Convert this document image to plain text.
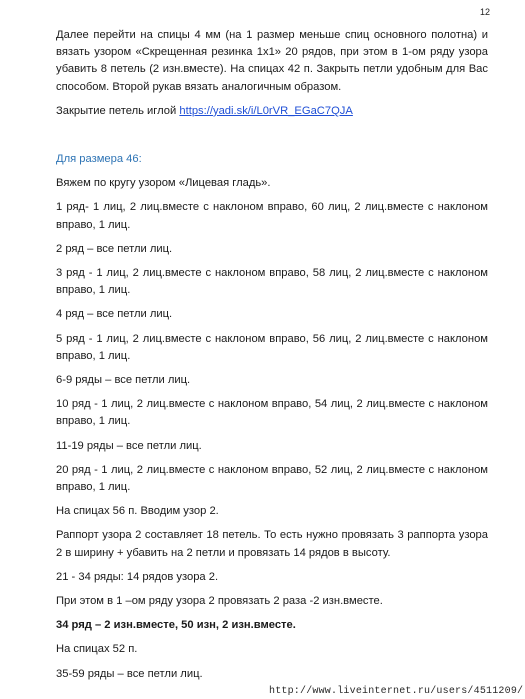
12

Далее перейти на спицы 4 мм (на 1 размер меньше спиц основного полотна) и вязать узором «Скрещенная резинка 1х1» 20 рядов, при этом в 1-ом ряду узора убавить 8 петель (2 изн.вместе). На спицах 42 п. Закрыть петли удобным для Вас способом. Второй рукав вязать аналогичным образом.

Закрытие петель иглой https://yadi.sk/i/L0rVR_EGaC7QJA

Для размера 46:

Вяжем по кругу узором «Лицевая гладь».

1 ряд- 1 лиц, 2 лиц.вместе с наклоном вправо, 60 лиц, 2 лиц.вместе с наклоном вправо, 1 лиц.

2 ряд – все петли лиц.

3 ряд - 1 лиц, 2 лиц.вместе с наклоном вправо, 58 лиц, 2 лиц.вместе с наклоном вправо, 1 лиц.

4 ряд – все петли лиц.

5 ряд - 1 лиц, 2 лиц.вместе с наклоном вправо, 56 лиц, 2 лиц.вместе с наклоном вправо, 1 лиц.

6-9 ряды – все петли лиц.

10 ряд - 1 лиц, 2 лиц.вместе с наклоном вправо, 54 лиц, 2 лиц.вместе с наклоном вправо, 1 лиц.

11-19 ряды – все петли лиц.

20 ряд - 1 лиц, 2 лиц.вместе с наклоном вправо, 52 лиц, 2 лиц.вместе с наклоном вправо, 1 лиц.

На спицах 56 п. Вводим узор 2.

Раппорт узора 2 составляет 18 петель. То есть нужно провязать 3 раппорта узора 2 в ширину + убавить на 2 петли и провязать 14 рядов в высоту.

21 - 34 ряды: 14 рядов узора 2.

При этом в 1 –ом ряду узора 2 провязать 2 раза -2 изн.вместе.

34 ряд – 2 изн.вместе, 50 изн, 2 изн.вместе.

На спицах 52 п.

35-59 ряды – все петли лиц.

http://www.liveinternet.ru/users/4511209/
